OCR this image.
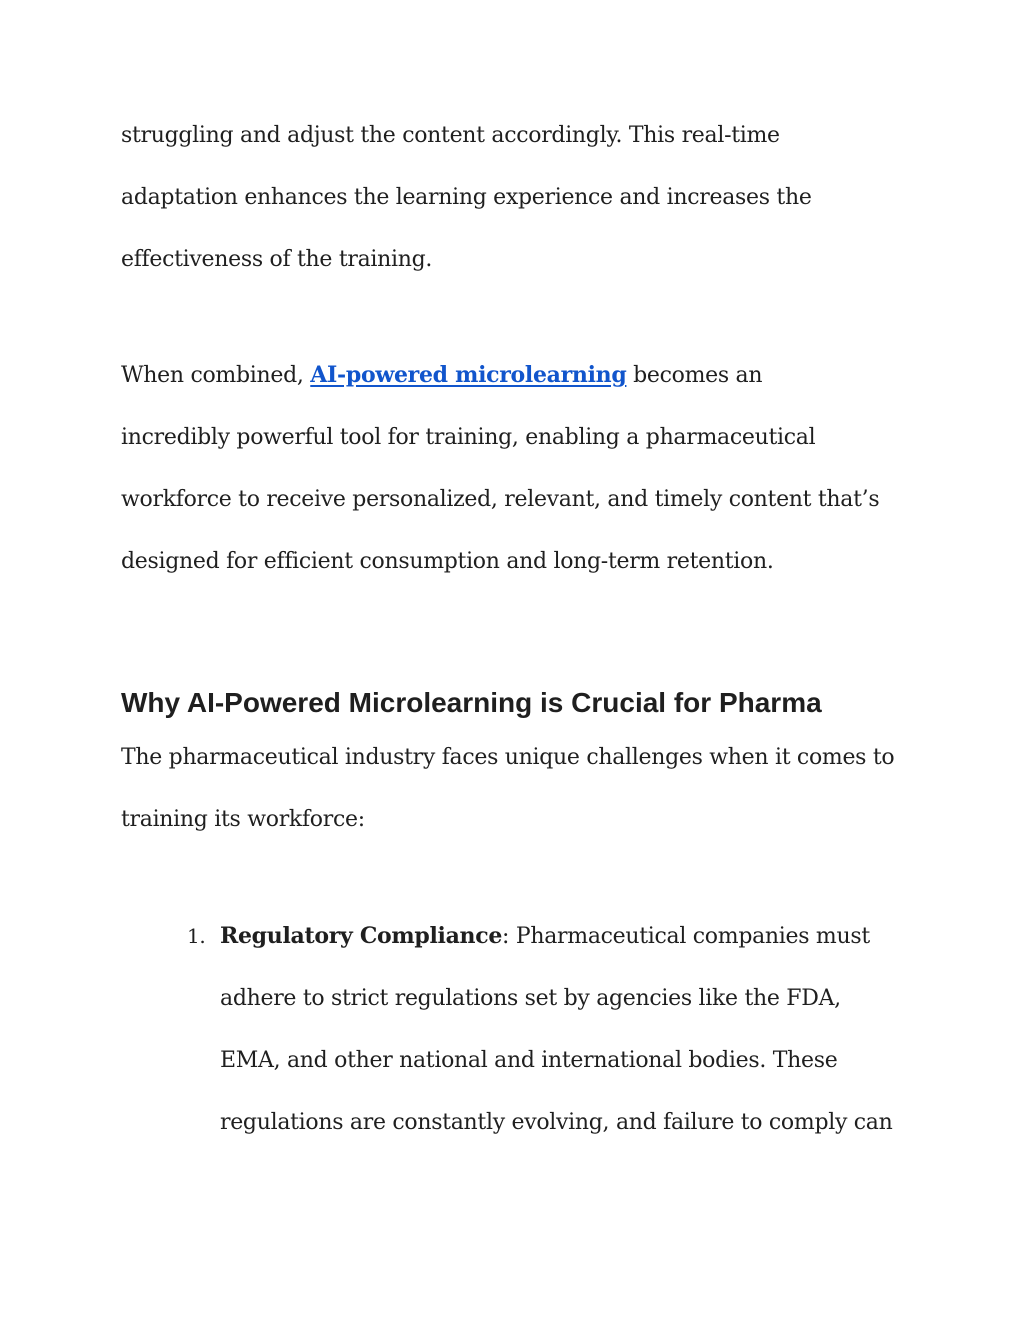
struggling and adjust the content accordingly. This real-time
adaptation enhances the learning experience and increases the
effectiveness of the training.

When combined, AI-powered microlearning becomes an
incredibly powerful tool for training, enabling a pharmaceutical
workforce to receive personalized, relevant, and timely content that’s
designed for efficient consumption and long-term retention.

Why AI-Powered Microlearning is Crucial for Pharma

The pharmaceutical industry faces unique challenges when it comes to
training its workforce:

1. Regulatory Compliance: Pharmaceutical companies must
adhere to strict regulations set by agencies like the FDA,
EMA, and other national and international bodies. These
regulations are constantly evolving, and failure to comply can
